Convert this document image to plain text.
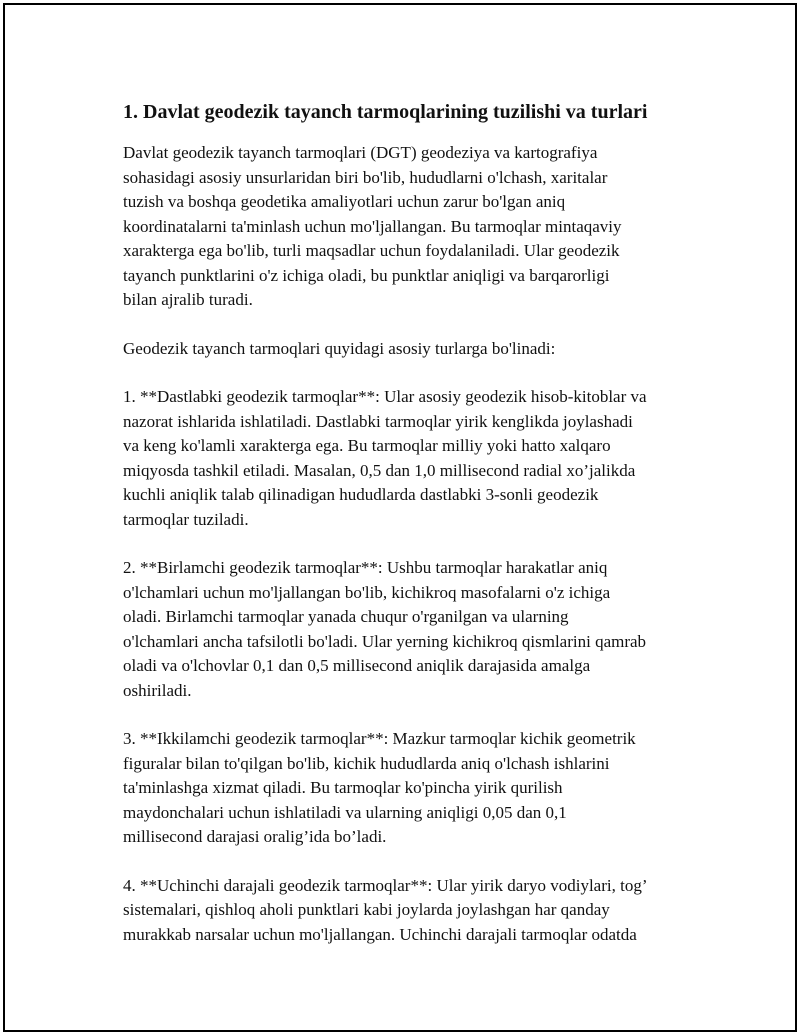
1. Davlat geodezik tayanch tarmoqlarining tuzilishi va turlari

Davlat geodezik tayanch tarmoqlari (DGT) geodeziya va kartografiya
sohasidagi asosiy unsurlaridan biri bo'lib, hududlarni o'lchash, xaritalar
tuzish va boshqa geodetika amaliyotlari uchun zarur bo'lgan aniq
koordinatalarni ta'minlash uchun mo'ljallangan. Bu tarmoqlar mintaqaviy
xarakterga ega bo'lib, turli maqsadlar uchun foydalaniladi. Ular geodezik
tayanch punktlarini o'z ichiga oladi, bu punktlar aniqligi va barqarorligi
bilan ajralib turadi.

Geodezik tayanch tarmoqlari quyidagi asosiy turlarga bo'linadi:

1. **Dastlabki geodezik tarmoqlar**: Ular asosiy geodezik hisob-kitoblar va
nazorat ishlarida ishlatiladi. Dastlabki tarmoqlar yirik kenglikda joylashadi
va keng ko'lamli xarakterga ega. Bu tarmoqlar milliy yoki hatto xalqaro
miqyosda tashkil etiladi. Masalan, 0,5 dan 1,0 millisecond radial xo’jalikda
kuchli aniqlik talab qilinadigan hududlarda dastlabki 3-sonli geodezik
tarmoqlar tuziladi.

2. **Birlamchi geodezik tarmoqlar**: Ushbu tarmoqlar harakatlar aniq
o'lchamlari uchun mo'ljallangan bo'lib, kichikroq masofalarni o'z ichiga
oladi. Birlamchi tarmoqlar yanada chuqur o'rganilgan va ularning
o'lchamlari ancha tafsilotli bo'ladi. Ular yerning kichikroq qismlarini qamrab
oladi va o'lchovlar 0,1 dan 0,5 millisecond aniqlik darajasida amalga
oshiriladi.

3. **Ikkilamchi geodezik tarmoqlar**: Mazkur tarmoqlar kichik geometrik
figuralar bilan to'qilgan bo'lib, kichik hududlarda aniq o'lchash ishlarini
ta'minlashga xizmat qiladi. Bu tarmoqlar ko'pincha yirik qurilish
maydonchalari uchun ishlatiladi va ularning aniqligi 0,05 dan 0,1
millisecond darajasi oralig’ida bo’ladi.

4. **Uchinchi darajali geodezik tarmoqlar**: Ular yirik daryo vodiylari, tog’
sistemalari, qishloq aholi punktlari kabi joylarda joylashgan har qanday
murakkab narsalar uchun mo'ljallangan. Uchinchi darajali tarmoqlar odatda
